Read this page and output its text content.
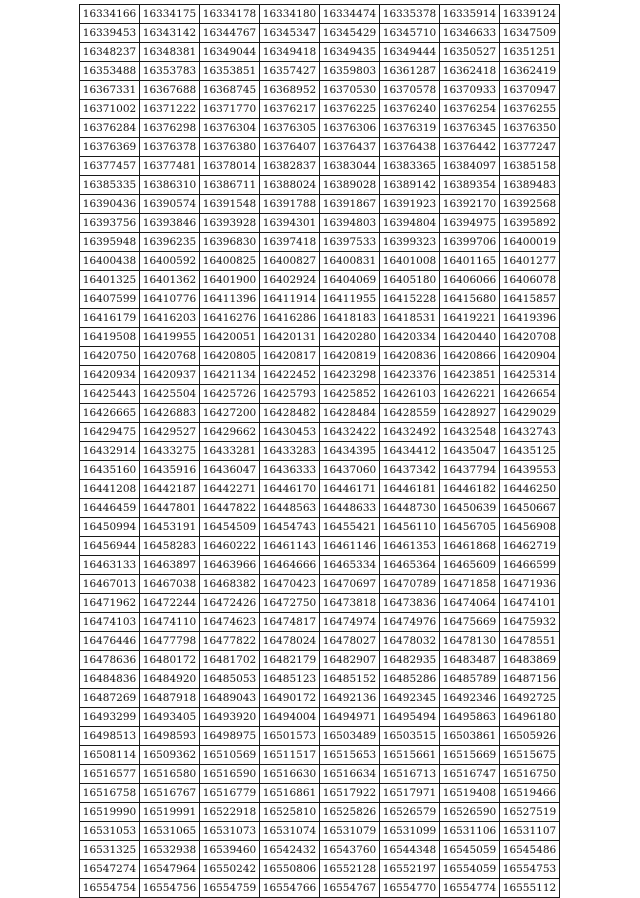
16334166	16334175	16334178	16334180	16334474	16335378	16335914	16339124
16339453	16343142	16344767	16345347	16345429	16345710	16346633	16347509
16348237	16348381	16349044	16349418	16349435	16349444	16350527	16351251
16353488	16353783	16353851	16357427	16359803	16361287	16362418	16362419
16367331	16367688	16368745	16368952	16370530	16370578	16370933	16370947
16371002	16371222	16371770	16376217	16376225	16376240	16376254	16376255
16376284	16376298	16376304	16376305	16376306	16376319	16376345	16376350
16376369	16376378	16376380	16376407	16376437	16376438	16376442	16377247
16377457	16377481	16378014	16382837	16383044	16383365	16384097	16385158
16385335	16386310	16386711	16388024	16389028	16389142	16389354	16389483
16390436	16390574	16391548	16391788	16391867	16391923	16392170	16392568
16393756	16393846	16393928	16394301	16394803	16394804	16394975	16395892
16395948	16396235	16396830	16397418	16397533	16399323	16399706	16400019
16400438	16400592	16400825	16400827	16400831	16401008	16401165	16401277
16401325	16401362	16401900	16402924	16404069	16405180	16406066	16406078
16407599	16410776	16411396	16411914	16411955	16415228	16415680	16415857
16416179	16416203	16416276	16416286	16418183	16418531	16419221	16419396
16419508	16419955	16420051	16420131	16420280	16420334	16420440	16420708
16420750	16420768	16420805	16420817	16420819	16420836	16420866	16420904
16420934	16420937	16421134	16422452	16423298	16423376	16423851	16425314
16425443	16425504	16425726	16425793	16425852	16426103	16426221	16426654
16426665	16426883	16427200	16428482	16428484	16428559	16428927	16429029
16429475	16429527	16429662	16430453	16432422	16432492	16432548	16432743
16432914	16433275	16433281	16433283	16434395	16434412	16435047	16435125
16435160	16435916	16436047	16436333	16437060	16437342	16437794	16439553
16441208	16442187	16442271	16446170	16446171	16446181	16446182	16446250
16446459	16447801	16447822	16448563	16448633	16448730	16450639	16450667
16450994	16453191	16454509	16454743	16455421	16456110	16456705	16456908
16456944	16458283	16460222	16461143	16461146	16461353	16461868	16462719
16463133	16463897	16463966	16464666	16465334	16465364	16465609	16466599
16467013	16467038	16468382	16470423	16470697	16470789	16471858	16471936
16471962	16472244	16472426	16472750	16473818	16473836	16474064	16474101
16474103	16474110	16474623	16474817	16474974	16474976	16475669	16475932
16476446	16477798	16477822	16478024	16478027	16478032	16478130	16478551
16478636	16480172	16481702	16482179	16482907	16482935	16483487	16483869
16484836	16484920	16485053	16485123	16485152	16485286	16485789	16487156
16487269	16487918	16489043	16490172	16492136	16492345	16492346	16492725
16493299	16493405	16493920	16494004	16494971	16495494	16495863	16496180
16498513	16498593	16498975	16501573	16503489	16503515	16503861	16505926
16508114	16509362	16510569	16511517	16515653	16515661	16515669	16515675
16516577	16516580	16516590	16516630	16516634	16516713	16516747	16516750
16516758	16516767	16516779	16516861	16517922	16517971	16519408	16519466
16519990	16519991	16522918	16525810	16525826	16526579	16526590	16527519
16531053	16531065	16531073	16531074	16531079	16531099	16531106	16531107
16531325	16532938	16539460	16542432	16543760	16544348	16545059	16545486
16547274	16547964	16550242	16550806	16552128	16552197	16554059	16554753
16554754	16554756	16554759	16554766	16554767	16554770	16554774	16555112
